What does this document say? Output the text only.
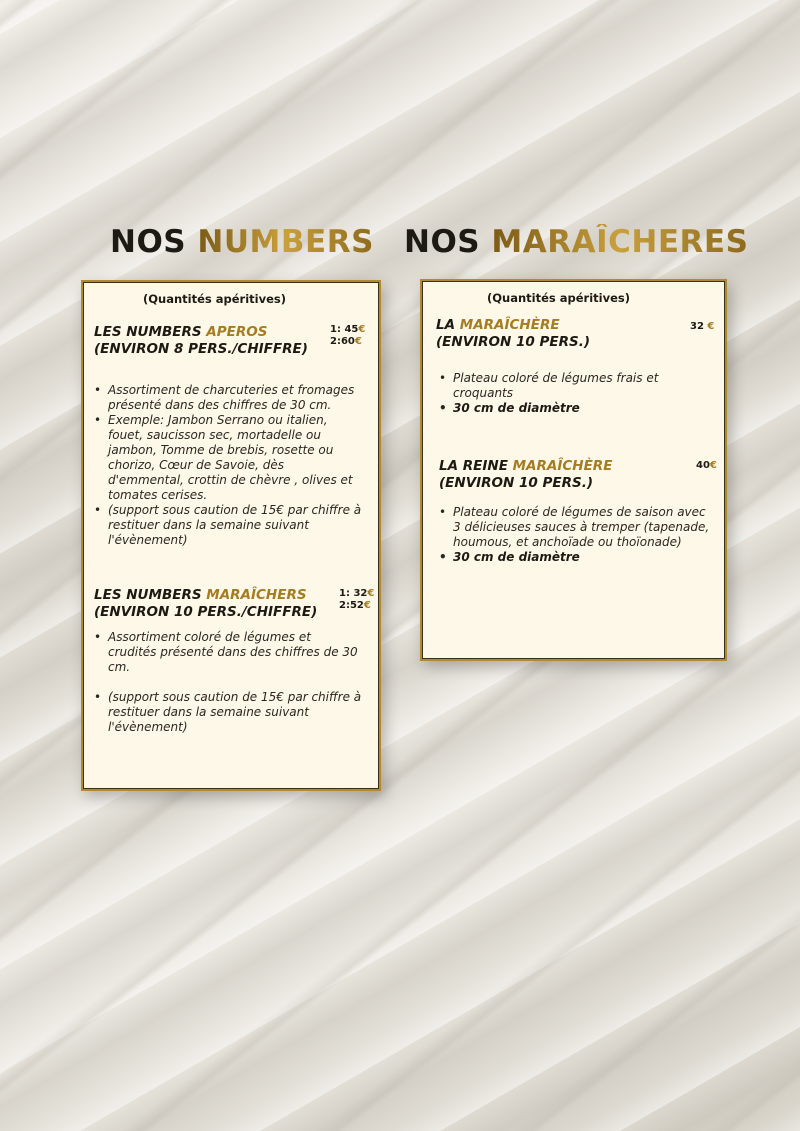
NOS NUMBERS NOS MARAÎCHERES
(Quantités apéritives)
LES NUMBERS APEROS
(ENVIRON 8 PERS./CHIFFRE)
1: 45€
2:60€
• Assortiment de charcuteries et fromages présenté dans des chiffres de 30 cm.
• Exemple: Jambon Serrano ou italien, fouet, saucisson sec, mortadelle ou jambon, Tomme de brebis, rosette ou chorizo, Cœur de Savoie, dès d'emmental, crottin de chèvre , olives et tomates cerises.
• (support sous caution de 15€ par chiffre à restituer dans la semaine suivant l'évènement)
LES NUMBERS MARAÎCHERS
(ENVIRON 10 PERS./CHIFFRE)
1: 32€
2:52€
• Assortiment coloré de légumes et crudités présenté dans des chiffres de 30 cm.
• (support sous caution de 15€ par chiffre à restituer dans la semaine suivant l'évènement)
(Quantités apéritives)
LA MARAÎCHÈRE
(ENVIRON 10 PERS.)
32 €
• Plateau coloré de légumes frais et croquants
• 30 cm de diamètre
LA REINE MARAÎCHÈRE
(ENVIRON 10 PERS.)
40€
• Plateau coloré de légumes de saison avec 3 délicieuses sauces à tremper (tapenade, houmous, et anchoïade ou thoïonade)
• 30 cm de diamètre
